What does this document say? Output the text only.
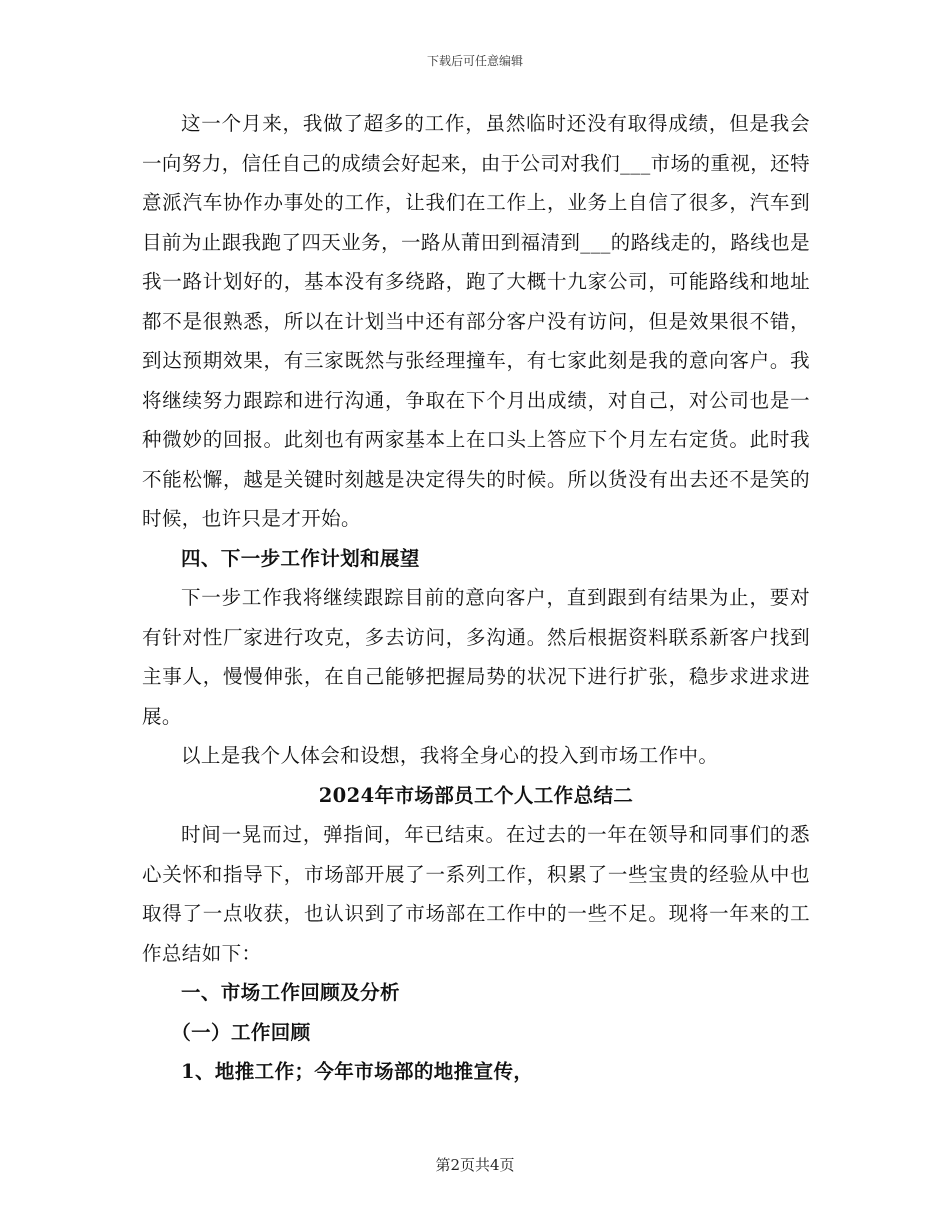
下载后可任意编辑

这一个月来，我做了超多的工作，虽然临时还没有取得成绩，但是我会一向努力，信任自己的成绩会好起来，由于公司对我们___市场的重视，还特意派汽车协作办事处的工作，让我们在工作上，业务上自信了很多，汽车到目前为止跟我跑了四天业务，一路从莆田到福清到___的路线走的，路线也是我一路计划好的，基本没有多绕路，跑了大概十九家公司，可能路线和地址都不是很熟悉，所以在计划当中还有部分客户没有访问，但是效果很不错，到达预期效果，有三家既然与张经理撞车，有七家此刻是我的意向客户。我将继续努力跟踪和进行沟通，争取在下个月出成绩，对自己，对公司也是一种微妙的回报。此刻也有两家基本上在口头上答应下个月左右定货。此时我不能松懈，越是关键时刻越是决定得失的时候。所以货没有出去还不是笑的时候，也许只是才开始。

四、下一步工作计划和展望

下一步工作我将继续跟踪目前的意向客户，直到跟到有结果为止，要对有针对性厂家进行攻克，多去访问，多沟通。然后根据资料联系新客户找到主事人，慢慢伸张，在自己能够把握局势的状况下进行扩张，稳步求进求进展。

以上是我个人体会和设想，我将全身心的投入到市场工作中。

2024年市场部员工个人工作总结二

时间一晃而过，弹指间，年已结束。在过去的一年在领导和同事们的悉心关怀和指导下，市场部开展了一系列工作，积累了一些宝贵的经验从中也取得了一点收获，也认识到了市场部在工作中的一些不足。现将一年来的工作总结如下：

一、市场工作回顾及分析

（一）工作回顾

1、地推工作；今年市场部的地推宣传，

第2页共4页
